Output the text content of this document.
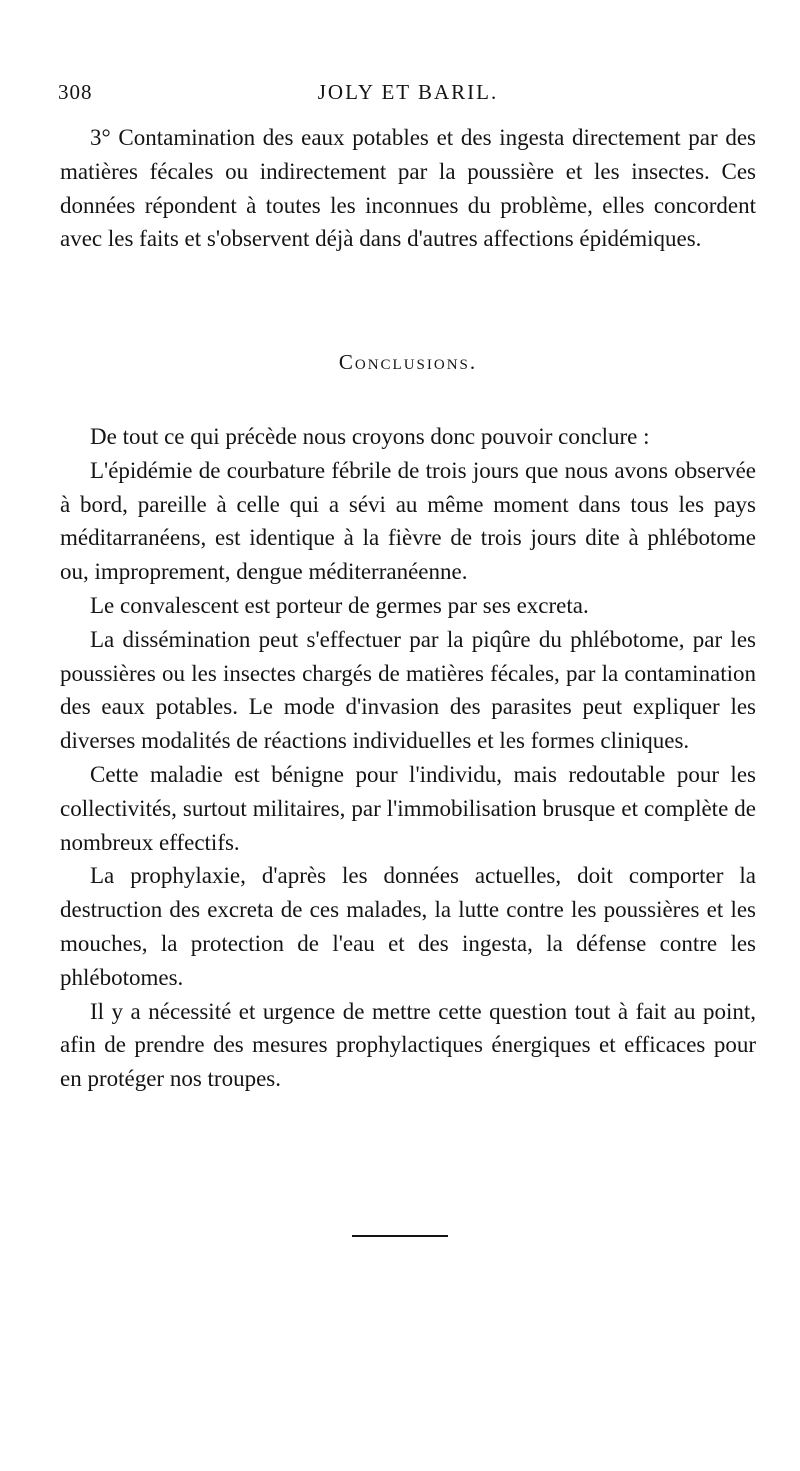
308	JOLY ET BARIL.

3° Contamination des eaux potables et des ingesta directement par des matières fécales ou indirectement par la poussière et les insectes. Ces données répondent à toutes les inconnues du problème, elles concordent avec les faits et s'observent déjà dans d'autres affections épidémiques.

Conclusions.

De tout ce qui précède nous croyons donc pouvoir conclure :

L'épidémie de courbature fébrile de trois jours que nous avons observée à bord, pareille à celle qui a sévi au même moment dans tous les pays méditarranéens, est identique à la fièvre de trois jours dite à phlébotome ou, improprement, dengue méditerranéenne.

Le convalescent est porteur de germes par ses excreta.

La dissémination peut s'effectuer par la piqûre du phlébotome, par les poussières ou les insectes chargés de matières fécales, par la contamination des eaux potables. Le mode d'invasion des parasites peut expliquer les diverses modalités de réactions individuelles et les formes cliniques.

Cette maladie est bénigne pour l'individu, mais redoutable pour les collectivités, surtout militaires, par l'immobilisation brusque et complète de nombreux effectifs.

La prophylaxie, d'après les données actuelles, doit comporter la destruction des excreta de ces malades, la lutte contre les poussières et les mouches, la protection de l'eau et des ingesta, la défense contre les phlébotomes.

Il y a nécessité et urgence de mettre cette question tout à fait au point, afin de prendre des mesures prophylactiques énergiques et efficaces pour en protéger nos troupes.
